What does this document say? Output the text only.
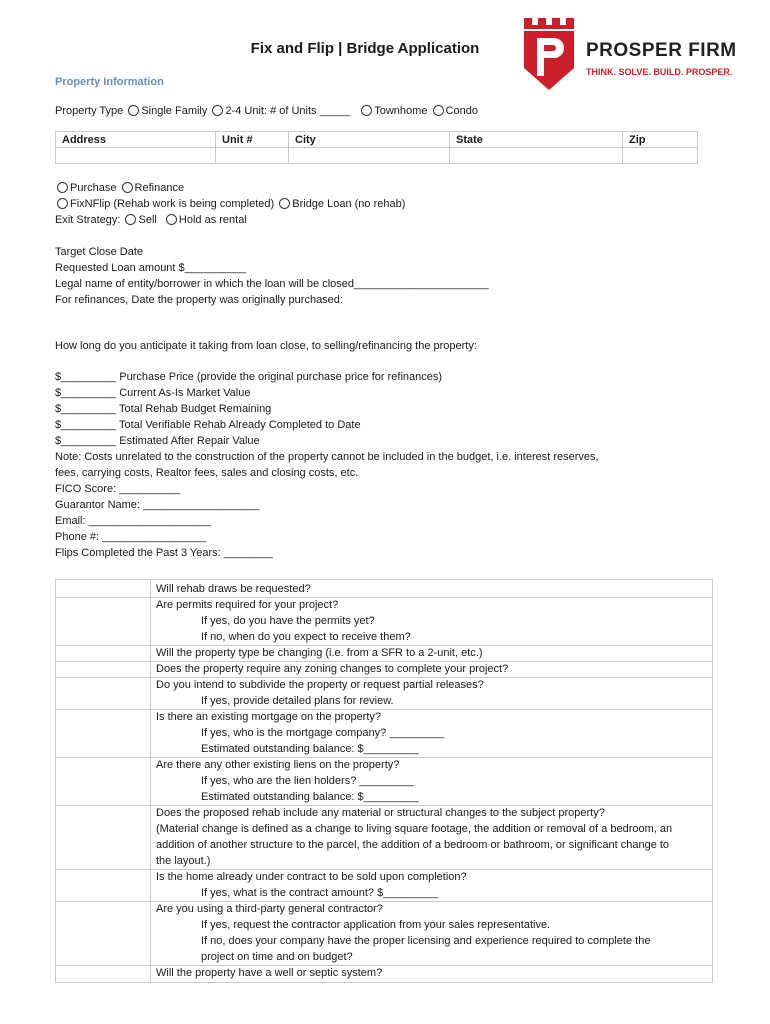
Fix and Flip | Bridge Application	PROSPER FIRM
THINK. SOLVE. BUILD. PROSPER.
Property Information
Property Type Single Family 2-4 Unit: # of Units _____ Townhome Condo
Address	Unit #	City	State	Zip

Purchase Refinance
FixNFlip (Rehab work is being completed) Bridge Loan (no rehab)
Exit Strategy: Sell Hold as rental
Target Close Date
Requested Loan amount $__________
Legal name of entity/borrower in which the loan will be closed______________________
For refinances, Date the property was originally purchased:
How long do you anticipate it taking from loan close, to selling/refinancing the property:
$_________ Purchase Price (provide the original purchase price for refinances)
$_________ Current As-Is Market Value
$_________ Total Rehab Budget Remaining
$_________ Total Verifiable Rehab Already Completed to Date
$_________ Estimated After Repair Value
Note: Costs unrelated to the construction of the property cannot be included in the budget, i.e. interest reserves,
fees, carrying costs, Realtor fees, sales and closing costs, etc.
FICO Score: __________
Guarantor Name: ___________________
Email: ____________________
Phone #: _________________
Flips Completed the Past 3 Years: ________
Will rehab draws be requested?
Are permits required for your project?
If yes, do you have the permits yet?
If no, when do you expect to receive them?
Will the property type be changing (i.e. from a SFR to a 2-unit, etc.)
Does the property require any zoning changes to complete your project?
Do you intend to subdivide the property or request partial releases?
If yes, provide detailed plans for review.
Is there an existing mortgage on the property?
If yes, who is the mortgage company? _________
Estimated outstanding balance: $_________
Are there any other existing liens on the property?
If yes, who are the lien holders? _________
Estimated outstanding balance: $_________
Does the proposed rehab include any material or structural changes to the subject property?
(Material change is defined as a change to living square footage, the addition or removal of a bedroom, an
addition of another structure to the parcel, the addition of a bedroom or bathroom, or significant change to
the layout.)
Is the home already under contract to be sold upon completion?
If yes, what is the contract amount? $_________
Are you using a third-party general contractor?
If yes, request the contractor application from your sales representative.
If no, does your company have the proper licensing and experience required to complete the
project on time and on budget?
Will the property have a well or septic system?
